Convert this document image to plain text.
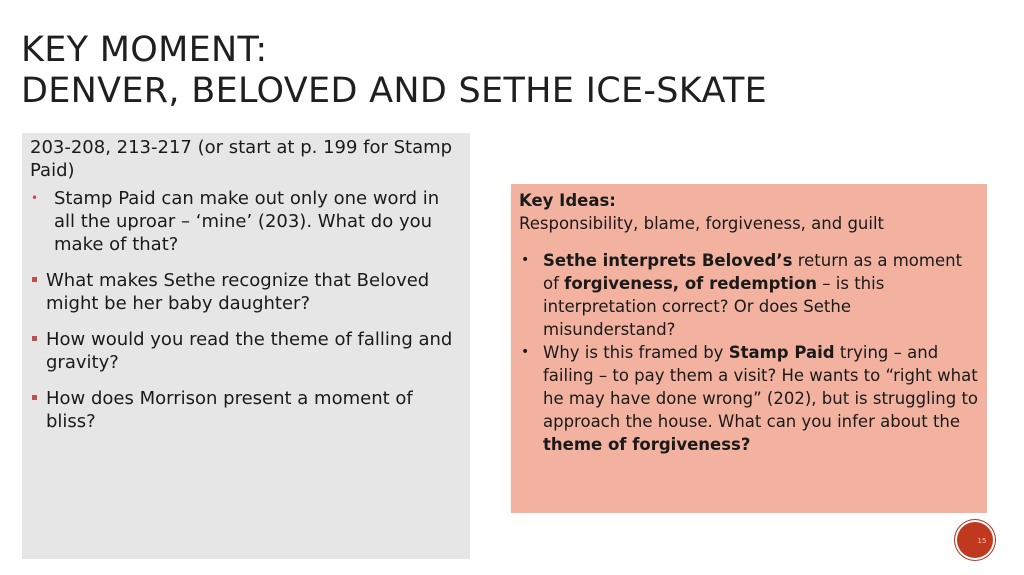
KEY MOMENT:
DENVER, BELOVED AND SETHE ICE-SKATE

203-208, 213-217 (or start at p. 199 for Stamp Paid)

• Stamp Paid can make out only one word in all the uproar – ‘mine’ (203). What do you make of that?
What makes Sethe recognize that Beloved might be her baby daughter?
How would you read the theme of falling and gravity?
How does Morrison present a moment of bliss?

Key Ideas:

Responsibility, blame, forgiveness, and guilt

• Sethe interprets Beloved’s return as a moment of forgiveness, of redemption – is this interpretation correct? Or does Sethe misunderstand?
• Why is this framed by Stamp Paid trying – and failing – to pay them a visit? He wants to “right what he may have done wrong” (202), but is struggling to approach the house. What can you infer about the theme of forgiveness?
15
